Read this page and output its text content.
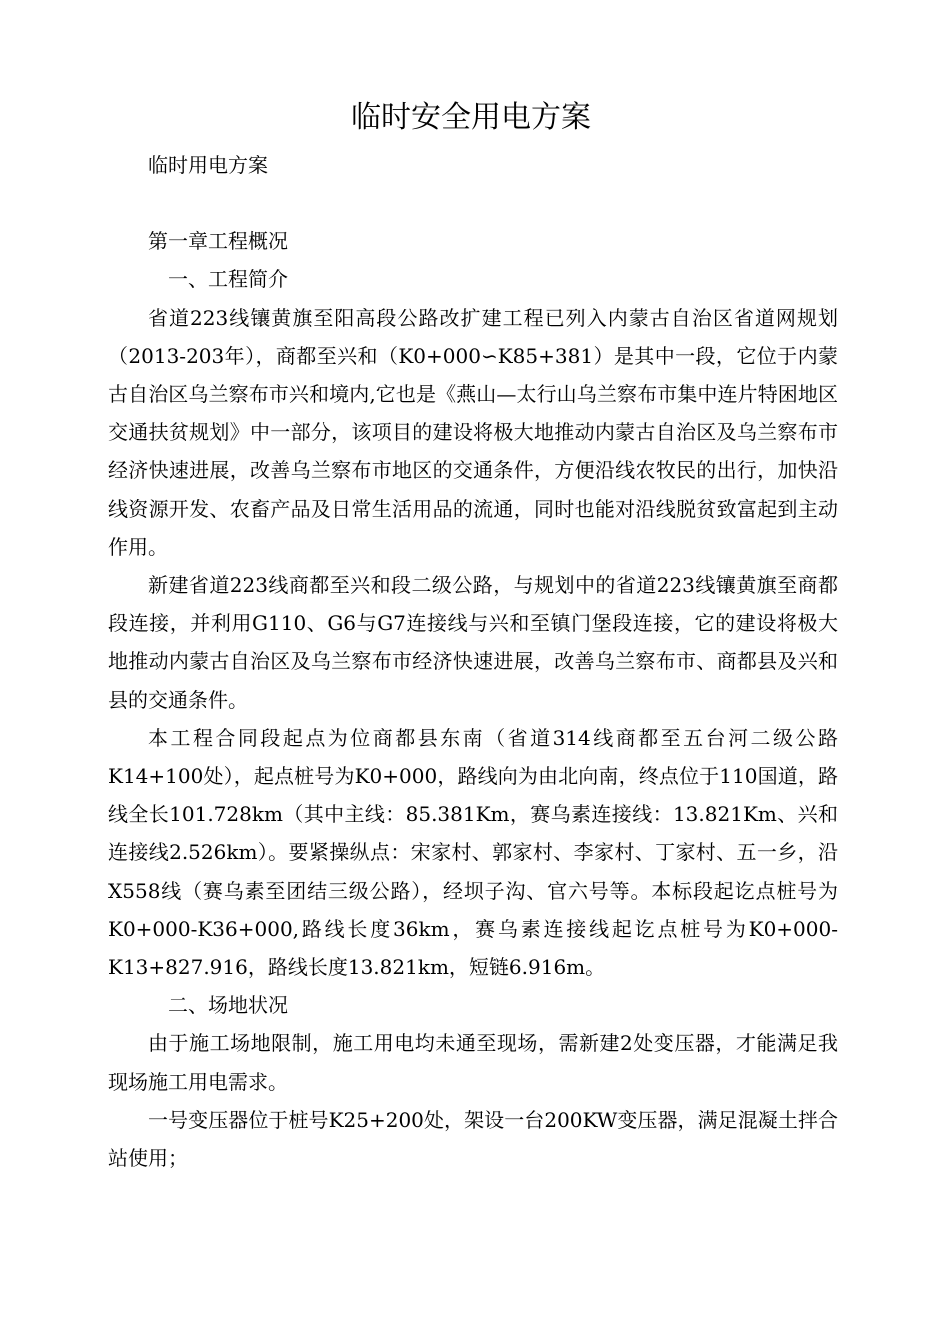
临时安全用电方案

临时用电方案

第一章工程概况

一、工程简介

省道223线镶黄旗至阳高段公路改扩建工程已列入内蒙古自治区省道网规划（2013-203年），商都至兴和（K0+000∽K85+381）是其中一段，它位于内蒙古自治区乌兰察布市兴和境内,它也是《燕山—太行山乌兰察布市集中连片特困地区交通扶贫规划》中一部分，该项目的建设将极大地推动内蒙古自治区及乌兰察布市经济快速进展，改善乌兰察布市地区的交通条件，方便沿线农牧民的出行，加快沿线资源开发、农畜产品及日常生活用品的流通，同时也能对沿线脱贫致富起到主动作用。

新建省道223线商都至兴和段二级公路，与规划中的省道223线镶黄旗至商都段连接，并利用G110、G6与G7连接线与兴和至镇门堡段连接，它的建设将极大地推动内蒙古自治区及乌兰察布市经济快速进展，改善乌兰察布市、商都县及兴和县的交通条件。

本工程合同段起点为位商都县东南（省道314线商都至五台河二级公路K14+100处），起点桩号为K0+000，路线向为由北向南，终点位于110国道，路线全长101.728km（其中主线：85.381Km，赛乌素连接线：13.821Km、兴和连接线2.526km）。要紧操纵点：宋家村、郭家村、李家村、丁家村、五一乡，沿X558线（赛乌素至团结三级公路），经坝子沟、官六号等。本标段起讫点桩号为K0+000-K36+000,路线长度36km，赛乌素连接线起讫点桩号为K0+000-K13+827.916，路线长度13.821km，短链6.916m。

二、场地状况

由于施工场地限制，施工用电均未通至现场，需新建2处变压器，才能满足我现场施工用电需求。

一号变压器位于桩号K25+200处，架设一台200KW变压器，满足混凝土拌合站使用；
